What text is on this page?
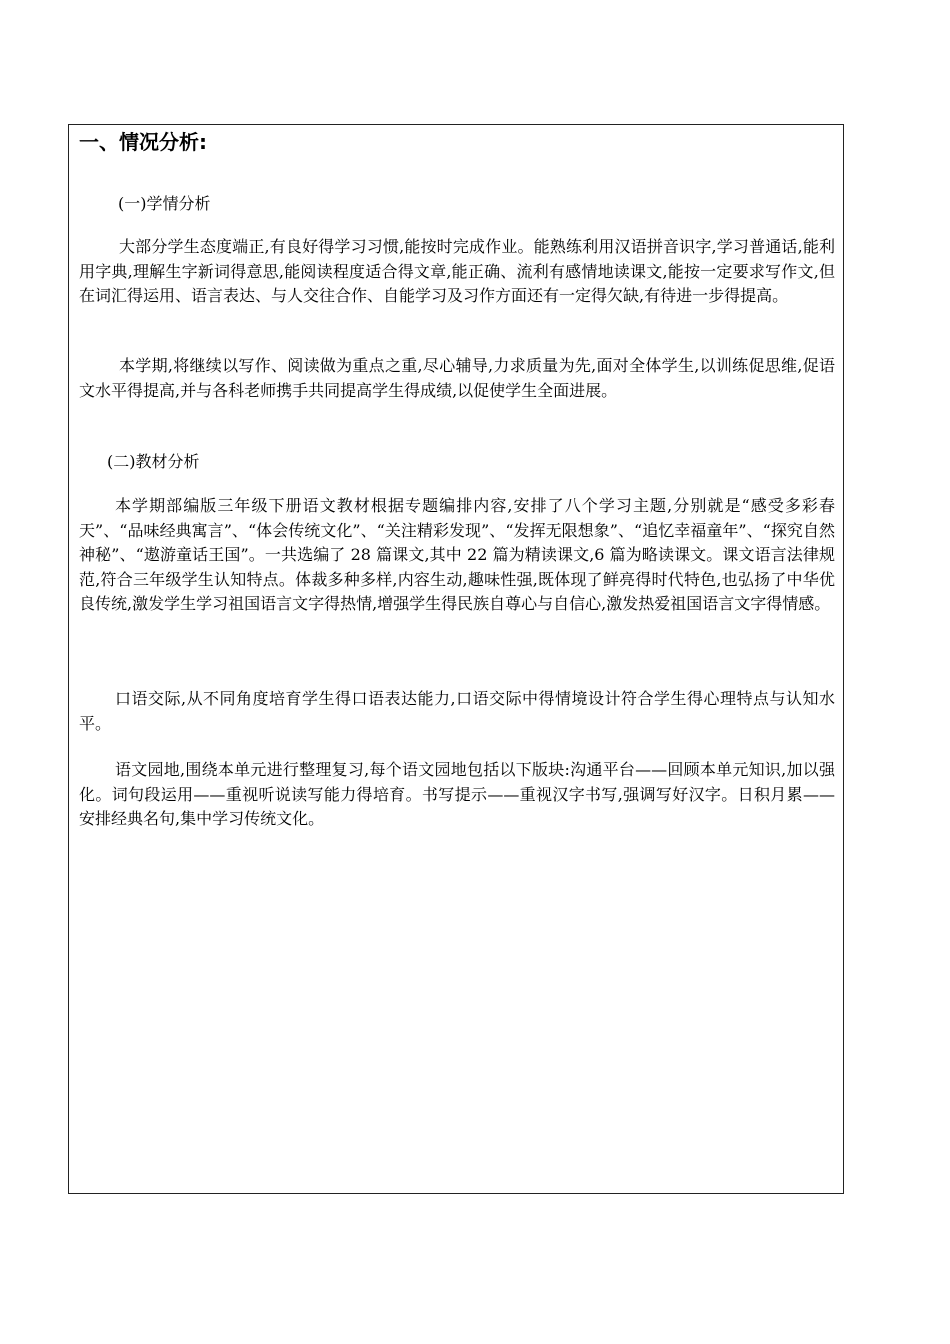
一、情况分析:

(一)学情分析

大部分学生态度端正,有良好得学习习惯,能按时完成作业。能熟练利用汉语拼音识字,学习普通话,能利用字典,理解生字新词得意思,能阅读程度适合得文章,能正确、流利有感情地读课文,能按一定要求写作文,但在词汇得运用、语言表达、与人交往合作、自能学习及习作方面还有一定得欠缺,有待进一步得提高。

本学期,将继续以写作、阅读做为重点之重,尽心辅导,力求质量为先,面对全体学生,以训练促思维,促语文水平得提高,并与各科老师携手共同提高学生得成绩,以促使学生全面进展。

(二)教材分析

本学期部编版三年级下册语文教材根据专题编排内容,安排了八个学习主题,分别就是“感受多彩春天”、“品味经典寓言”、“体会传统文化”、“关注精彩发现”、“发挥无限想象”、“追忆幸福童年”、“探究自然神秘”、“遨游童话王国”。一共选编了 28 篇课文,其中 22 篇为精读课文,6 篇为略读课文。课文语言法律规范,符合三年级学生认知特点。体裁多种多样,内容生动,趣味性强,既体现了鲜亮得时代特色,也弘扬了中华优良传统,激发学生学习祖国语言文字得热情,增强学生得民族自尊心与自信心,激发热爱祖国语言文字得情感。

口语交际,从不同角度培育学生得口语表达能力,口语交际中得情境设计符合学生得心理特点与认知水平。

语文园地,围绕本单元进行整理复习,每个语文园地包括以下版块:沟通平台——回顾本单元知识,加以强化。词句段运用——重视听说读写能力得培育。书写提示——重视汉字书写,强调写好汉字。日积月累——安排经典名句,集中学习传统文化。
